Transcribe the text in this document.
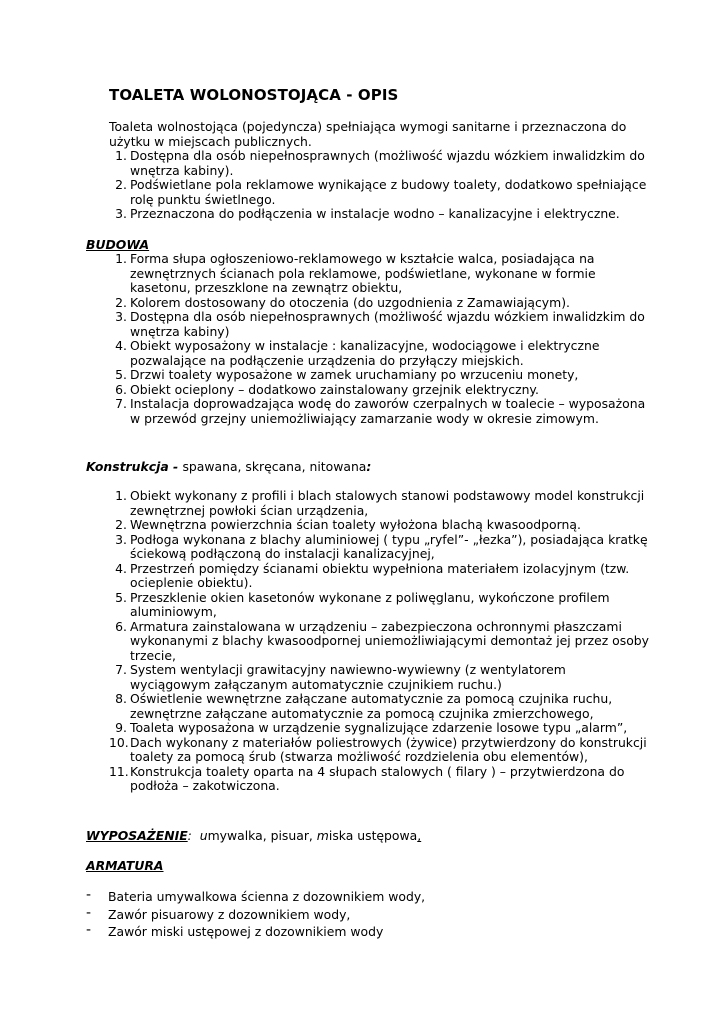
TOALETA WOLONOSTOJĄCA - OPIS
Toaleta wolnostojąca (pojedyncza) spełniająca wymogi sanitarne i przeznaczona do użytku w miejscach publicznych.
1. Dostępna dla osób niepełnosprawnych (możliwość wjazdu wózkiem inwalidzkim do wnętrza kabiny).
2. Podświetlane pola reklamowe wynikające z budowy toalety, dodatkowo spełniające rolę punktu świetlnego.
3. Przeznaczona do podłączenia w instalacje wodno – kanalizacyjne i elektryczne.
BUDOWA
1. Forma słupa ogłoszeniowo-reklamowego w kształcie walca, posiadająca na zewnętrznych ścianach pola reklamowe, podświetlane, wykonane w formie kasetonu, przeszklone na zewnątrz obiektu,
2. Kolorem dostosowany do otoczenia (do uzgodnienia z Zamawiającym).
3. Dostępna dla osób niepełnosprawnych (możliwość wjazdu wózkiem inwalidzkim do wnętrza kabiny)
4. Obiekt wyposażony w instalacje : kanalizacyjne, wodociągowe i elektryczne pozwalające na podłączenie urządzenia do przyłączy miejskich.
5. Drzwi toalety wyposażone w zamek uruchamiany po wrzuceniu monety,
6. Obiekt ocieplony – dodatkowo zainstalowany grzejnik elektryczny.
7. Instalacja doprowadzająca wodę do zaworów czerpalnych w toalecie – wyposażona w przewód grzejny uniemożliwiający zamarzanie wody w okresie zimowym.
Konstrukcja - spawana, skręcana, nitowana:
1. Obiekt wykonany z profili i blach stalowych stanowi podstawowy model konstrukcji zewnętrznej powłoki ścian urządzenia,
2. Wewnętrzna powierzchnia ścian toalety wyłożona blachą kwasoodporną.
3. Podłoga wykonana z blachy aluminiowej ( typu „ryfel”- „łezka”), posiadająca kratkę ściekową podłączoną do instalacji kanalizacyjnej,
4. Przestrzeń pomiędzy ścianami obiektu wypełniona materiałem izolacyjnym (tzw. ocieplenie obiektu).
5. Przeszklenie okien kasetonów wykonane z poliwęglanu, wykończone profilem aluminiowym,
6. Armatura zainstalowana w urządzeniu – zabezpieczona ochronnymi płaszczami wykonanymi z blachy kwasoodpornej uniemożliwiającymi demontaż jej przez osoby trzecie,
7. System wentylacji grawitacyjny nawiewno-wywiewny (z wentylatorem wyciągowym załączanym automatycznie czujnikiem ruchu.)
8. Oświetlenie wewnętrzne załączane automatycznie za pomocą czujnika ruchu, zewnętrzne załączane automatycznie za pomocą czujnika zmierzchowego,
9. Toaleta wyposażona w urządzenie sygnalizujące zdarzenie losowe typu „alarm”,
10. Dach wykonany z materiałów poliestrowych (żywice) przytwierdzony do konstrukcji toalety za pomocą śrub (stwarza możliwość rozdzielenia obu elementów),
11. Konstrukcja toalety oparta na 4 słupach stalowych ( filary ) – przytwierdzona do podłoża – zakotwiczona.
WYPOSAŻENIE: umywalka, pisuar, miska ustępowa,
ARMATURA
- Bateria umywalkowa ścienna z dozownikiem wody,
- Zawór pisuarowy z dozownikiem wody,
- Zawór miski ustępowej z dozownikiem wody
